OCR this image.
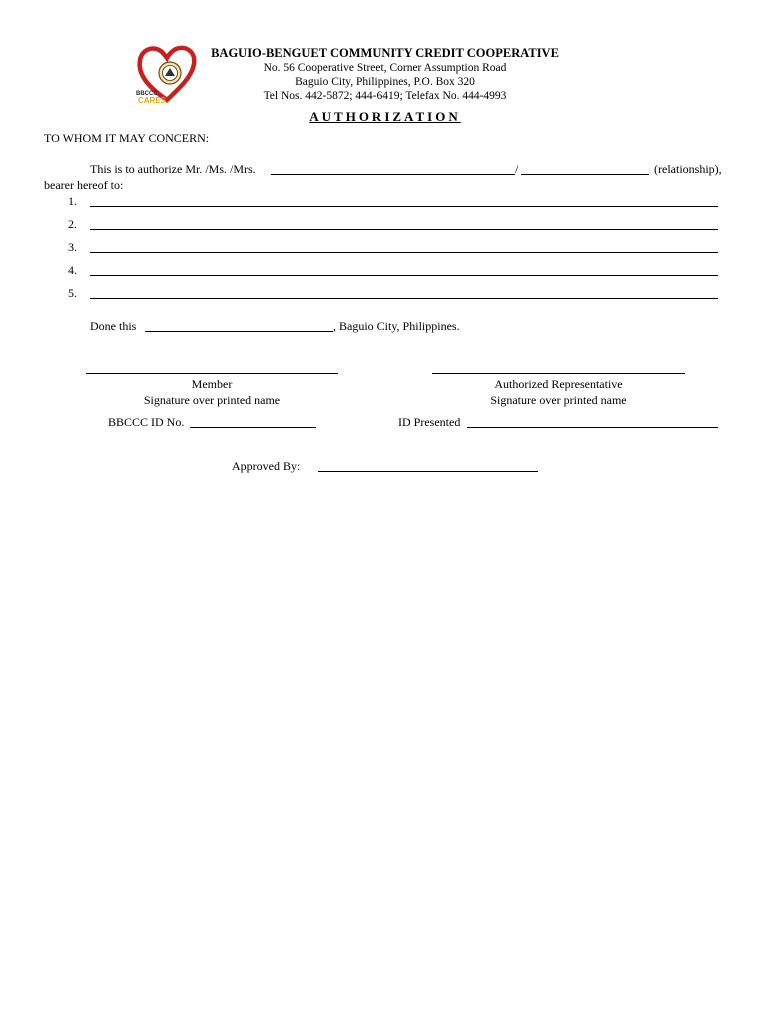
BBCCC
CARES
BAGUIO-BENGUET COMMUNITY CREDIT COOPERATIVE
No. 56 Cooperative Street, Corner Assumption Road
Baguio City, Philippines, P.O. Box 320
Tel Nos. 442-5872; 444-6419; Telefax No. 444-4993
AUTHORIZATION
TO WHOM IT MAY CONCERN:
This is to authorize Mr. /Ms. /Mrs.	/	(relationship),
bearer hereof to:
1.
2.
3.
4.
5.
Done this	, Baguio City, Philippines.
Member
Signature over printed name
Authorized Representative
Signature over printed name
BBCCC ID No.	ID Presented
Approved By:
